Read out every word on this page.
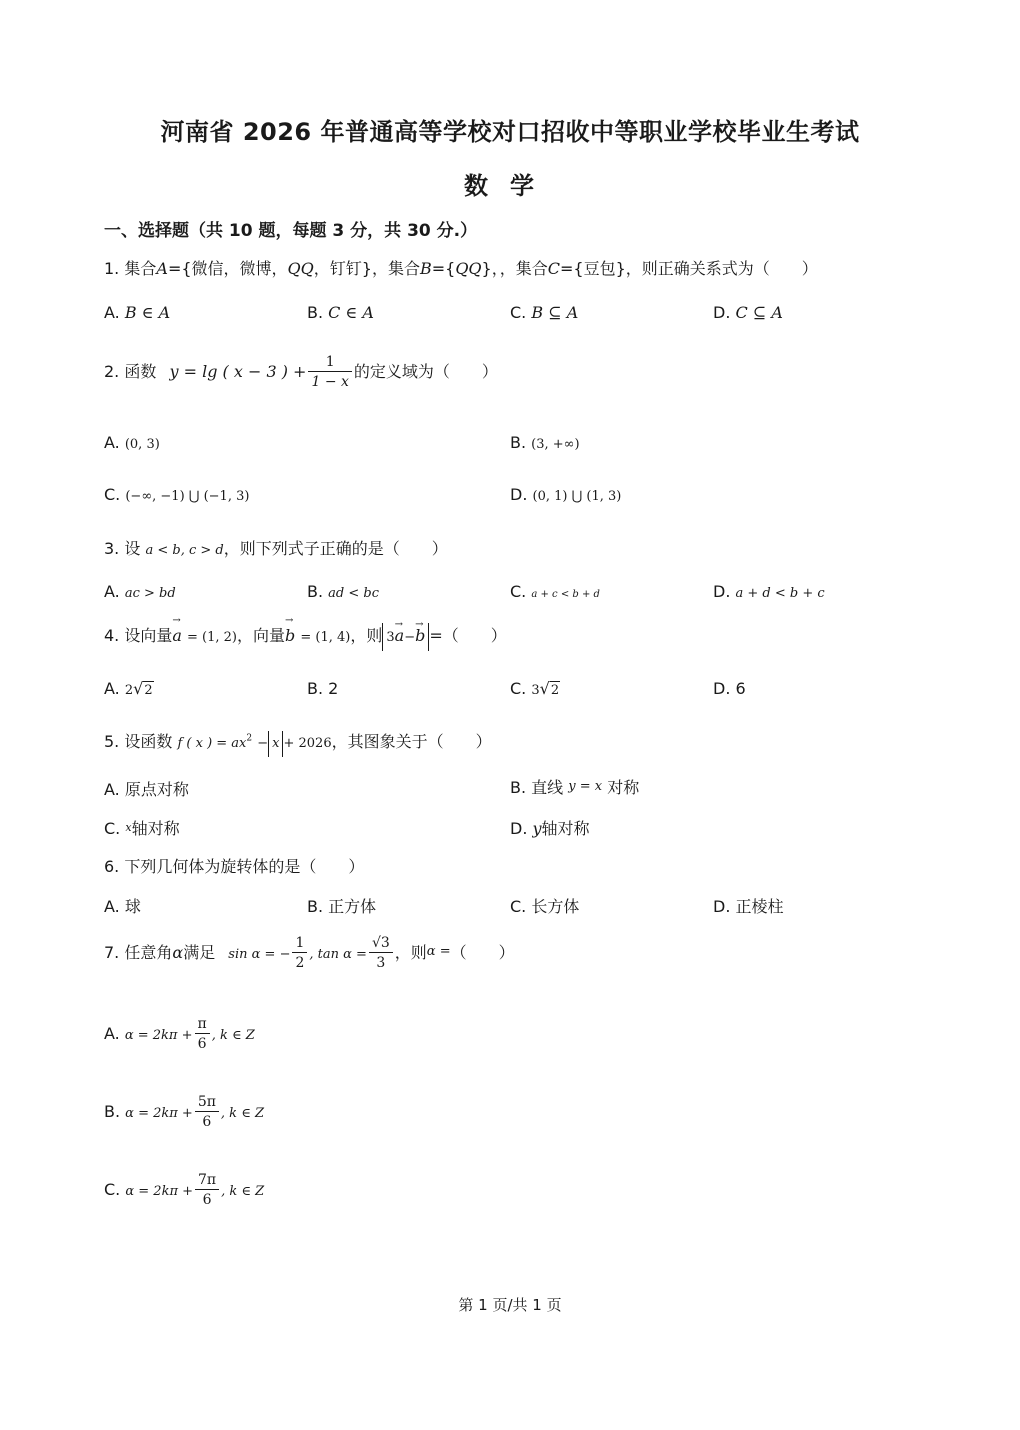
河南省 2026 年普通高等学校对口招收中等职业学校毕业生考试
数学
一、选择题（共 10 题，每题 3 分，共 30 分.）
1. 集合A={微信，微博，QQ，钉钉}，集合B={QQ}，，集合C={豆包}，则正确关系式为（　　）
A. B ∈ A	B. C ∈ A	C. B ⊆ A	D. C ⊆ A
2. 函数 y = lg ( x − 3 ) + $\frac{1}{1 - x}$ 的定义域为（　　）
A. (0, 3)	B. (3, +∞)
C. (−∞, −1) ⋃ (−1, 3)	D. (0, 1) ⋃ (1, 3)
3. 设 a < b, c > d，则下列式子正确的是（　　）
A. ac > bd	B. ad < bc	C. a + c < b + d	D. a + d < b + c
4. 设向量→ a = (1, 2)，向量→ b = (1, 4)，则 3→ a−→ b =（　　）
A. 2√2	B. 2	C. 3√2	D. 6
5. 设函数 f ( x ) = $ax^2 - x + 2026$，其图象关于（　　）
A. 原点对称	B. 直线 y = x 对称
C. x轴对称	D. y轴对称
6. 下列几何体为旋转体的是（　　）
A. 球	B. 正方体	C. 长方体	D. 正棱柱
7. 任意角α满足 sin α = − $\frac{1}{2}$ , $\tan \alpha = \frac{√3}{3}$ ，则α =（　　）
A. $\alpha = 2k\pi + \frac{\pi}{6}$ , k ∈ Z
B. $\alpha = 2k\pi + \frac{5\pi}{6}$ , k ∈ Z
C. $\alpha = 2k\pi + \frac{7\pi}{6}$ , k ∈ Z
第 1 页/共 1 页
